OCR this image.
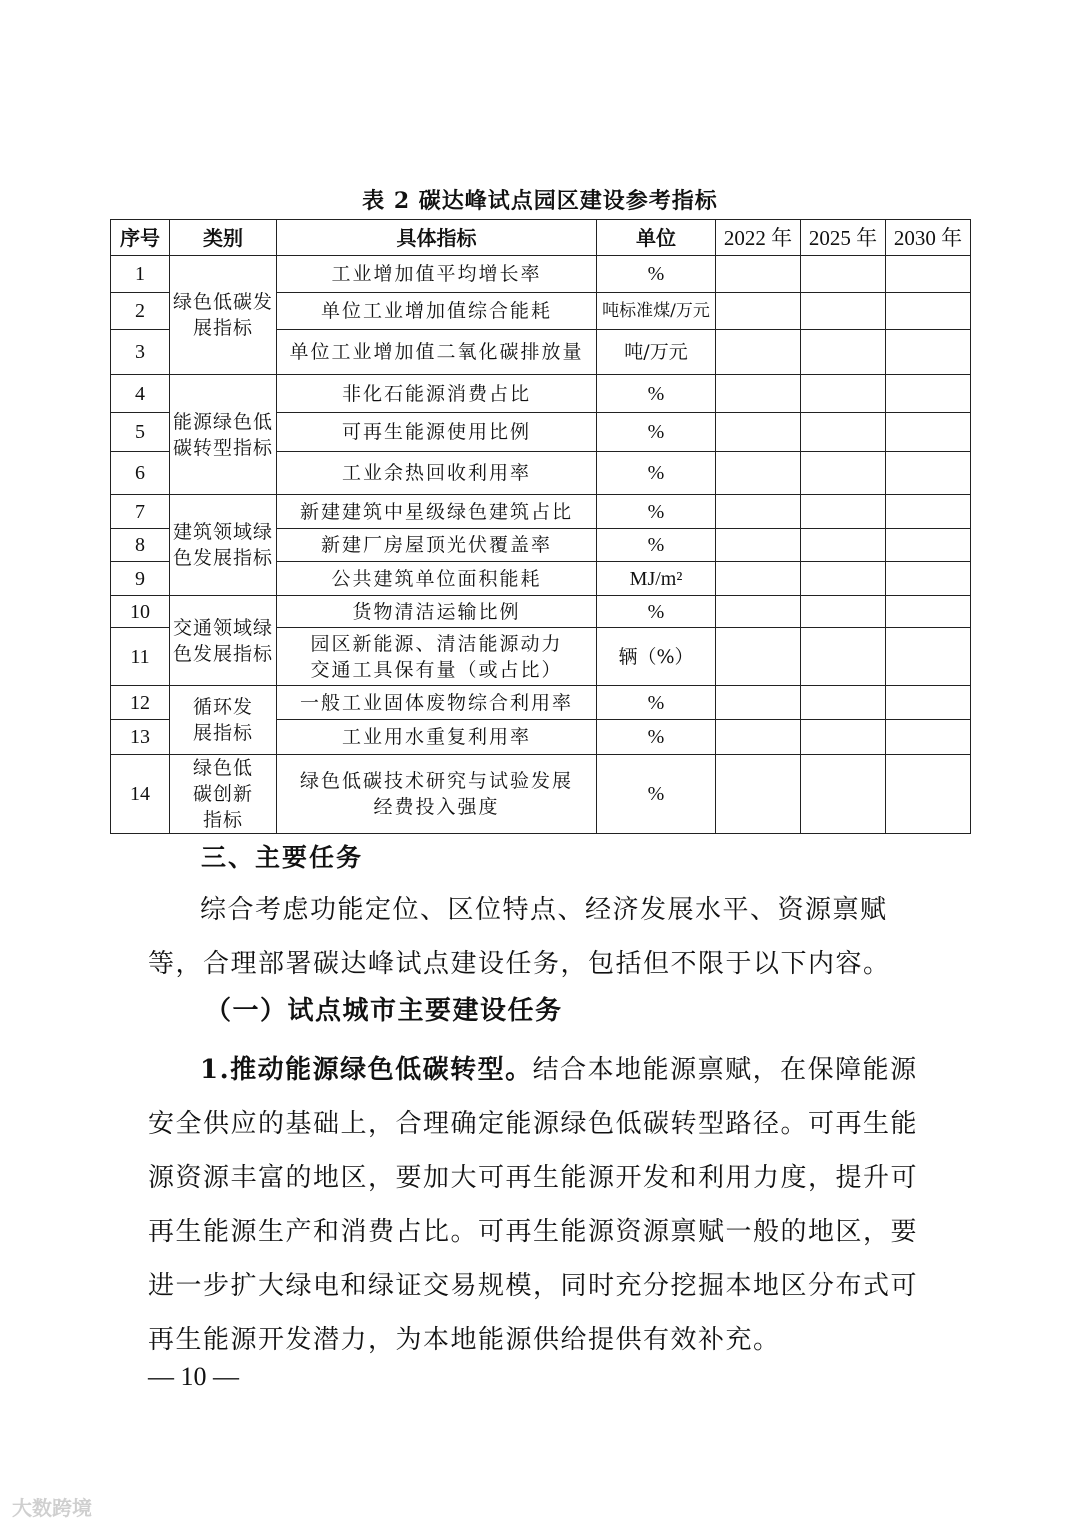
表 2 碳达峰试点园区建设参考指标
序号	类别	具体指标	单位	2022 年	2025 年	2030 年
1	绿色低碳发展指标	工业增加值平均增长率	%			
2		单位工业增加值综合能耗	吨标准煤/万元			
3		单位工业增加值二氧化碳排放量	吨/万元			
4	能源绿色低碳转型指标	非化石能源消费占比	%			
5		可再生能源使用比例	%			
6		工业余热回收利用率	%			
7	建筑领域绿色发展指标	新建建筑中星级绿色建筑占比	%			
8		新建厂房屋顶光伏覆盖率	%			
9		公共建筑单位面积能耗	MJ/m²			
10	交通领域绿色发展指标	货物清洁运输比例	%			
11		园区新能源、清洁能源动力交通工具保有量（或占比）	辆（%）			
12	循环发展指标	一般工业固体废物综合利用率	%			
13		工业用水重复利用率	%			
14	绿色低碳创新指标	绿色低碳技术研究与试验发展经费投入强度	%			
三、主要任务
综合考虑功能定位、区位特点、经济发展水平、资源禀赋等，合理部署碳达峰试点建设任务，包括但不限于以下内容。
（一）试点城市主要建设任务
1.推动能源绿色低碳转型。结合本地能源禀赋，在保障能源安全供应的基础上，合理确定能源绿色低碳转型路径。可再生能源资源丰富的地区，要加大可再生能源开发和利用力度，提升可再生能源生产和消费占比。可再生能源资源禀赋一般的地区，要进一步扩大绿电和绿证交易规模，同时充分挖掘本地区分布式可再生能源开发潜力，为本地能源供给提供有效补充。
— 10 —
大数跨境
